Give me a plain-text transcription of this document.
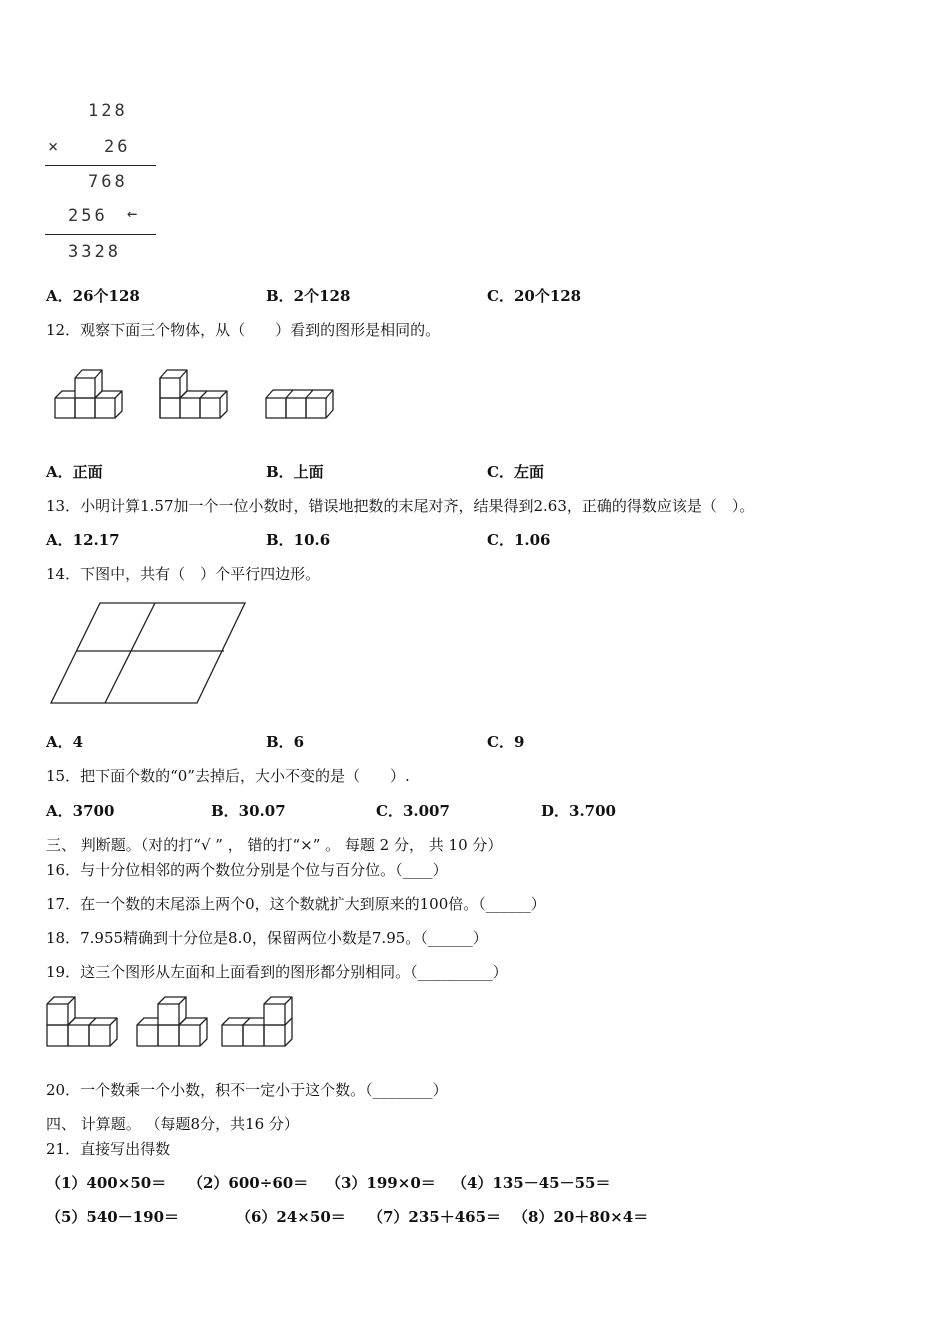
128
×	26
768
256 ←
3328
A．26个128	B．2个128	C．20个128
12．观察下面三个物体，从（　　）看到的图形是相同的。
A．正面	B．上面	C．左面
13．小明计算1.57加一个一位小数时，错误地把数的末尾对齐，结果得到2.63，正确的得数应该是（　）。
A．12.17	B．10.6	C．1.06
14．下图中，共有（　）个平行四边形。
A．4	B．6	C．9
15．把下面个数的“0”去掉后，大小不变的是（　　）.
A．3700	B．30.07	C．3.007	D．3.700
三、 判断题。（对的打“√ ” ， 错的打“×” 。 每题 2 分， 共 10 分）
16．与十分位相邻的两个数位分别是个位与百分位。（____）
17．在一个数的末尾添上两个0，这个数就扩大到原来的100倍。（______）
18．7.955精确到十分位是8.0，保留两位小数是7.95。（______）
19．这三个图形从左面和上面看到的图形都分别相同。（__________）
20．一个数乘一个小数，积不一定小于这个数。（________）
四、 计算题。 （每题8分，共16 分）
21．直接写出得数
（1）400×50＝ （2）600÷60＝ （3）199×0＝ （4）135－45－55＝
（5）540－190＝	（6）24×50＝ （7）235＋465＝ （8）20＋80×4＝
